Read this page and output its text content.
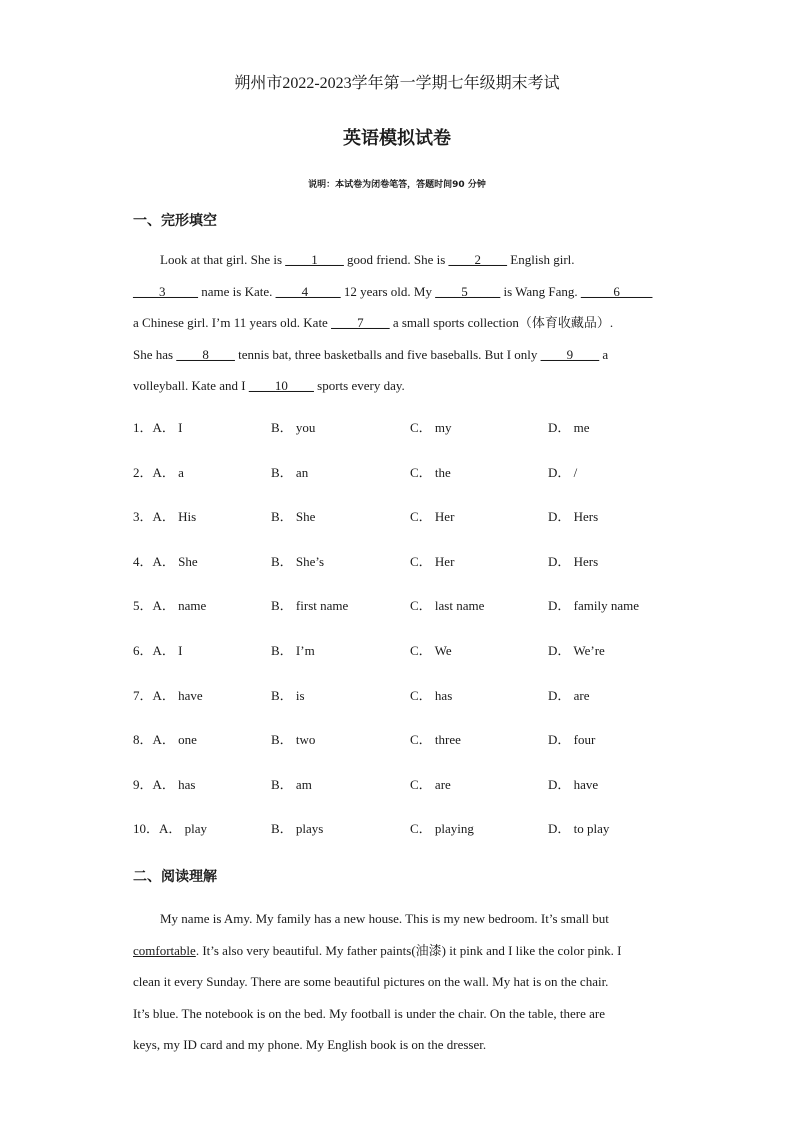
朔州市2022-2023学年第一学期七年级期末考试
英语模拟试卷
说明：本试卷为闭卷笔答，答题时间90 分钟
一、完形填空

Look at that girl. She is ____1____ good friend. She is ____2____ English girl.

____3_____ name is Kate. ____4_____ 12 years old. My ____5_____ is Wang Fang. _____6_____

a Chinese girl. I’m 11 years old. Kate ____7____ a small sports collection（体育收藏品）.

She has ____8____ tennis bat, three basketballs and five baseballs. But I only ____9____ a

volleyball. Kate and I ____10____ sports every day.

1．A． I	B． you	C． my	D． me
2．A． a	B． an	C． the	D． /
3．A． His	B． She	C． Her	D． Hers
4．A． She	B． She’s	C． Her	D． Hers
5．A． name	B． first name	C． last name	D． family name
6．A． I	B． I’m	C． We	D． We’re
7．A． have	B． is	C． has	D． are
8．A． one	B． two	C． three	D． four
9．A． has	B． am	C． are	D． have
10．A． play	B． plays	C． playing	D． to play
二、阅读理解

My name is Amy. My family has a new house. This is my new bedroom. It’s small but

comfortable. It’s also very beautiful. My father paints(油漆) it pink and I like the color pink. I

clean it every Sunday. There are some beautiful pictures on the wall. My hat is on the chair.

It’s blue. The notebook is on the bed. My football is under the chair. On the table, there are

keys, my ID card and my phone. My English book is on the dresser.
